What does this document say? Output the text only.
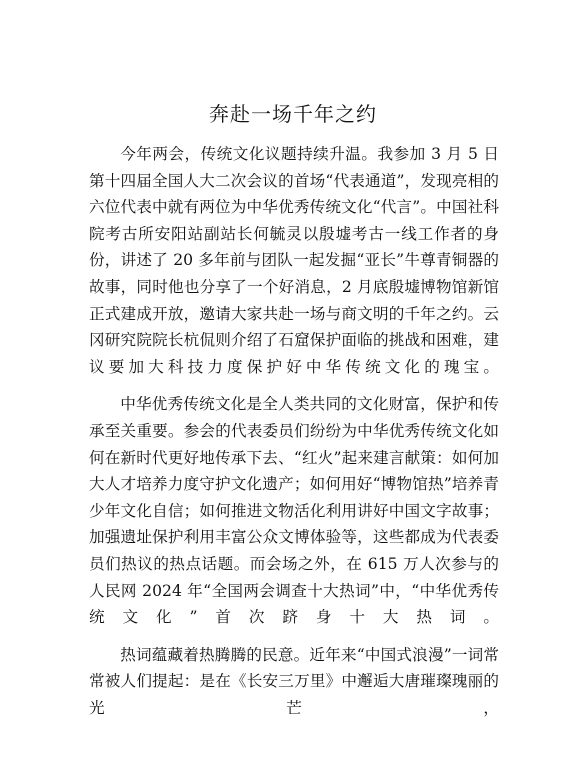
奔赴一场千年之约

今年两会，传统文化议题持续升温。我参加 3 月 5 日第十四届全国人大二次会议的首场“代表通道”，发现亮相的六位代表中就有两位为中华优秀传统文化“代言”。中国社科院考古所安阳站副站长何毓灵以殷墟考古一线工作者的身份，讲述了 20 多年前与团队一起发掘“亚长”牛尊青铜器的故事，同时他也分享了一个好消息，2 月底殷墟博物馆新馆正式建成开放，邀请大家共赴一场与商文明的千年之约。云冈研究院院长杭侃则介绍了石窟保护面临的挑战和困难，建议要加大科技力度保护好中华传统文化的瑰宝。

中华优秀传统文化是全人类共同的文化财富，保护和传承至关重要。参会的代表委员们纷纷为中华优秀传统文化如何在新时代更好地传承下去、“红火”起来建言献策：如何加大人才培养力度守护文化遗产；如何用好“博物馆热”培养青少年文化自信；如何推进文物活化利用讲好中国文字故事；加强遗址保护利用丰富公众文博体验等，这些都成为代表委员们热议的热点话题。而会场之外，在 615 万人次参与的人民网 2024 年“全国两会调查十大热词”中，“中华优秀传统文化”首次跻身十大热词。

热词蕴藏着热腾腾的民意。近年来“中国式浪漫”一词常常被人们提起：是在《长安三万里》中邂逅大唐璀璨瑰丽的光芒，
